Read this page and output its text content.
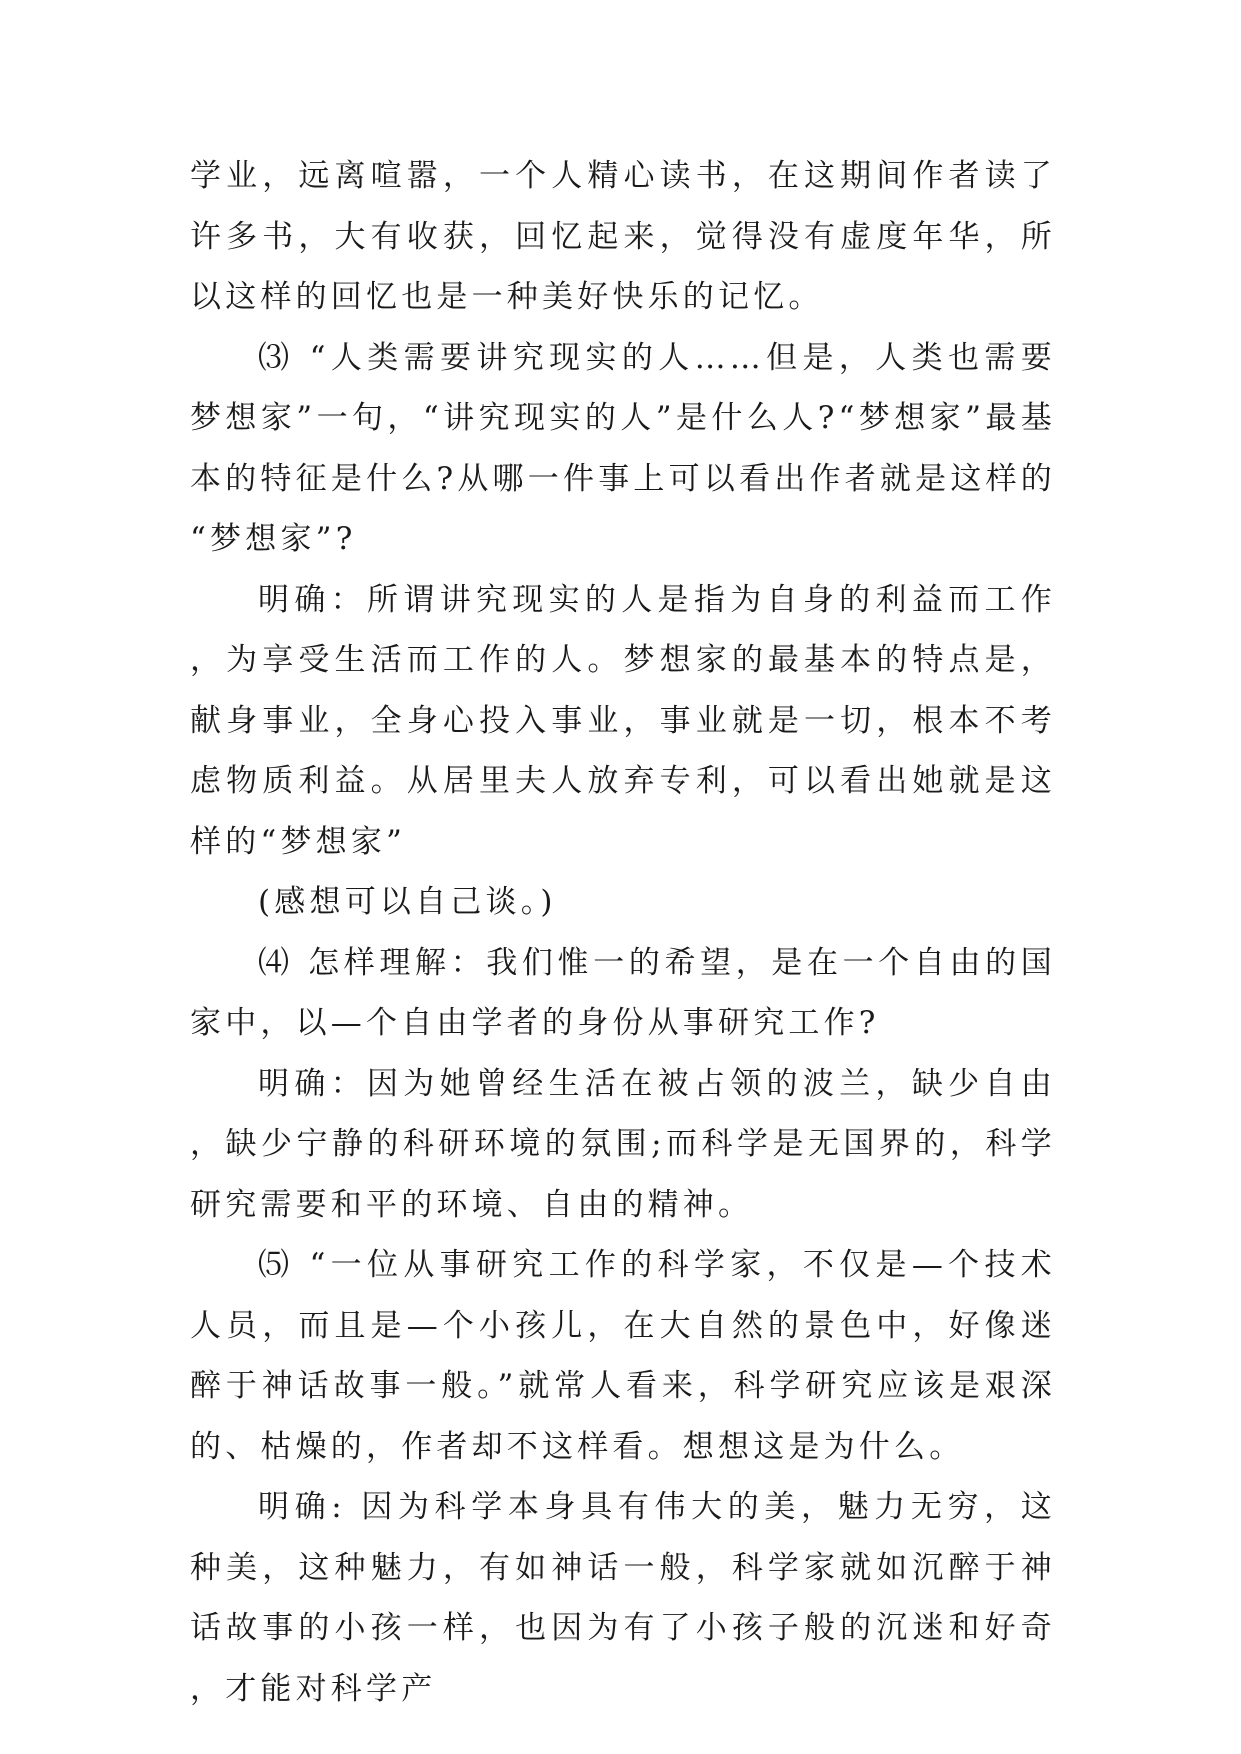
学业，远离喧嚣，一个人精心读书，在这期间作者读了许多书，大有收获，回忆起来，觉得没有虚度年华，所以这样的回忆也是一种美好快乐的记忆。

⑶ “人类需要讲究现实的人……但是，人类也需要梦想家”一句，“讲究现实的人”是什么人?“梦想家”最基本的特征是什么?从哪一件事上可以看出作者就是这样的“梦想家”?

明确：所谓讲究现实的人是指为自身的利益而工作，为享受生活而工作的人。梦想家的最基本的特点是，献身事业，全身心投入事业，事业就是一切，根本不考虑物质利益。从居里夫人放弃专利，可以看出她就是这样的“梦想家”

(感想可以自己谈。)

⑷ 怎样理解：我们惟一的希望，是在一个自由的国家中，以—个自由学者的身份从事研究工作?

明确：因为她曾经生活在被占领的波兰，缺少自由，缺少宁静的科研环境的氛围;而科学是无国界的，科学研究需要和平的环境、自由的精神。

⑸ “一位从事研究工作的科学家，不仅是—个技术人员，而且是—个小孩儿，在大自然的景色中，好像迷醉于神话故事一般。”就常人看来，科学研究应该是艰深的、枯燥的，作者却不这样看。想想这是为什么。

明确: 因为科学本身具有伟大的美，魅力无穷，这种美，这种魅力，有如神话一般，科学家就如沉醉于神话故事的小孩一样，也因为有了小孩子般的沉迷和好奇，才能对科学产
